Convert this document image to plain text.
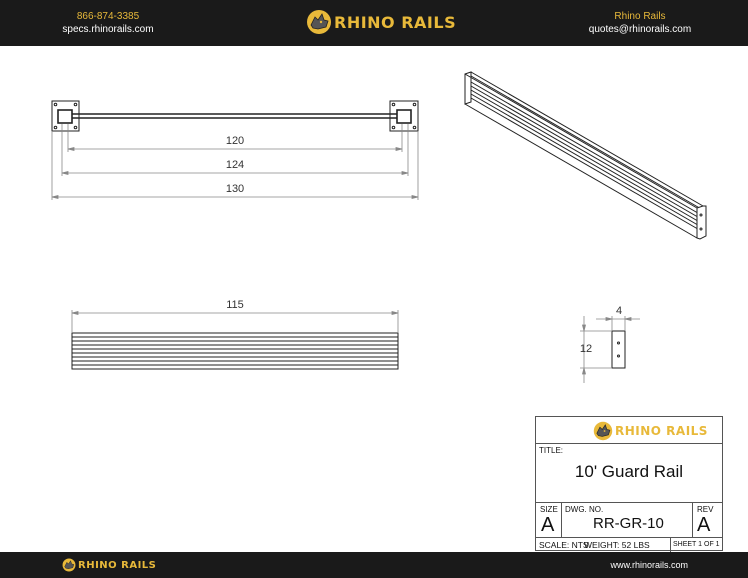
866-874-3385
specs.rhinorails.com	RHINO RAILS	Rhino Rails
quotes@rhinorails.com
120
124
130
115	4
12
RHINO RAILS
TITLE:
10' Guard Rail
SIZE
A
DWG. NO.
RR-GR-10
REV
A
SCALE: NTS
WEIGHT: 52 LBS	SHEET 1 OF 1
RHINO RAILS	www.rhinorails.com
